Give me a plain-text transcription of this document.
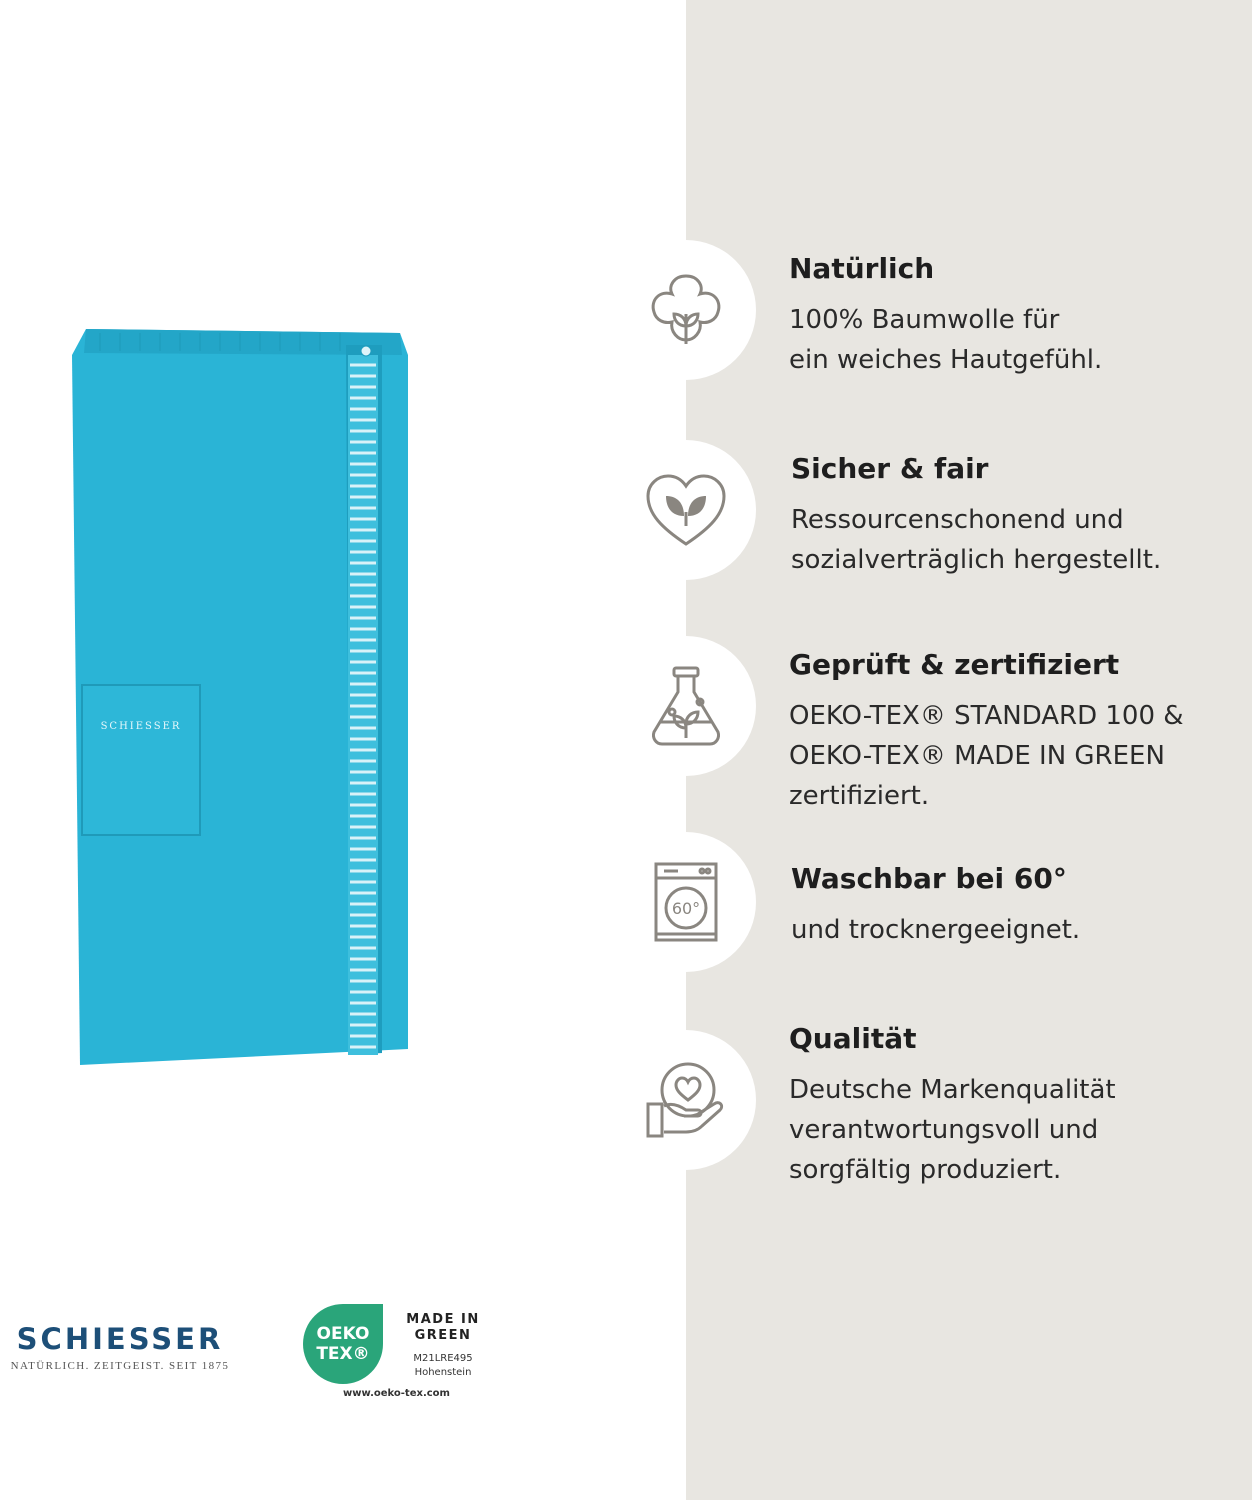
SCHIESSER

Natürlich

100% Baumwolle für
ein weiches Hautgefühl.

Sicher & fair

Ressourcenschonend und
sozialverträglich hergestellt.

Geprüft & zertifiziert

OEKO-TEX® STANDARD 100 &
OEKO-TEX® MADE IN GREEN
zertifiziert.

60°

Waschbar bei 60°

und trocknergeeignet.

Qualität

Deutsche Markenqualität
verantwortungsvoll und
sorgfältig produziert.

SCHIESSER
NATÜRLICH. ZEITGEIST. SEIT 1875
OEKO
TEX®
MADE IN
GREEN
M21LRE495
Hohenstein
www.oeko-tex.com
